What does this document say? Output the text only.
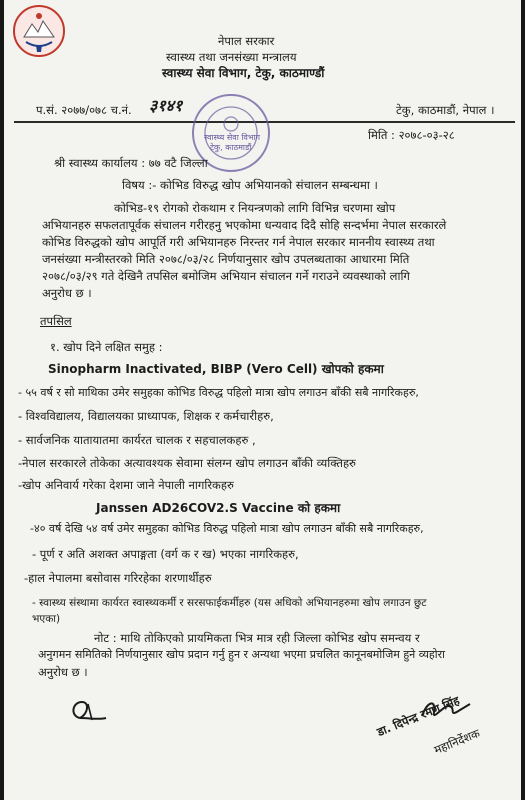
नेपाल सरकार
स्वास्थ्य तथा जनसंख्या मन्त्रालय
स्वास्थ्य सेवा विभाग, टेकु, काठमाण्डौं
प.सं. २०७७/०७८ च.नं. ३१४१	टेकु, काठमाडौं, नेपाल ।
मिति : २०७८-०३-२८
स्वास्थ्य सेवा विभाग
टेकु, काठमाडौं
श्री स्वास्थ्य कार्यालय : ७७ वटै जिल्ला
विषय :- कोभिड विरुद्ध खोप अभियानको संचालन सम्बन्धमा ।
कोभिड-१९ रोगको रोकथाम र नियन्त्रणको लागि विभिन्न चरणमा खोप
अभियानहरु सफलतापूर्वक संचालन गरीरहनु भएकोमा धन्यवाद दिदै सोहि सन्दर्भमा नेपाल सरकारले
कोभिड विरुद्धको खोप आपूर्ति गरी अभियानहरु निरन्तर गर्न नेपाल सरकार माननीय स्वास्थ्य तथा
जनसंख्या मन्त्रीस्तरको मिति २०७८/०३/२८ निर्णयानुसार खोप उपलब्धताका आधारमा मिति
२०७८/०३/२९ गते देखिनै तपसिल बमोजिम अभियान संचालन गर्ने गराउने व्यवस्थाको लागि
अनुरोध छ ।
तपसिल
१. खोप दिने लक्षित समुह :
Sinopharm Inactivated, BIBP (Vero Cell) खोपको हकमा
- ५५ वर्ष र सो माथिका उमेर समुहका कोभिड विरुद्ध पहिलो मात्रा खोप लगाउन बाँकी सबै नागरिकहरु,
- विश्वविद्यालय, विद्यालयका प्राध्यापक, शिक्षक र कर्मचारीहरु,
- सार्वजनिक यातायातमा कार्यरत चालक र सहचालकहरु ,
-नेपाल सरकारले तोकेका अत्यावश्यक सेवामा संलग्न खोप लगाउन बाँकी व्यक्तिहरु
-खोप अनिवार्य गरेका देशमा जाने नेपाली नागरिकहरु
Janssen AD26COV2.S Vaccine को हकमा
-४० वर्ष देखि ५४ वर्ष उमेर समुहका कोभिड विरुद्ध पहिलो मात्रा खोप लगाउन बाँकी सबै नागरिकहरु,
- पूर्ण र अति अशक्त अपाङ्गता (वर्ग क र ख) भएका नागरिकहरु,
-हाल नेपालमा बसोवास गरिरहेका शरणार्थीहरु
- स्वास्थ्य संस्थामा कार्यरत स्वास्थ्यकर्मी र सरसफाईकर्मीहरु (यस अधिको अभियानहरुमा खोप लगाउन छुट
भएका)
नोट : माथि तोकिएको प्रायमिकता भित्र मात्र रही जिल्ला कोभिड खोप समन्वय र
अनुगमन समितिको निर्णयानुसार खोप प्रदान गर्नु हुन र अन्यथा भएमा प्रचलित कानूनबमोजिम हुने व्यहोरा
अनुरोध छ ।
डा. दिपेन्द्र रमण सिंह
महानिर्देशक
